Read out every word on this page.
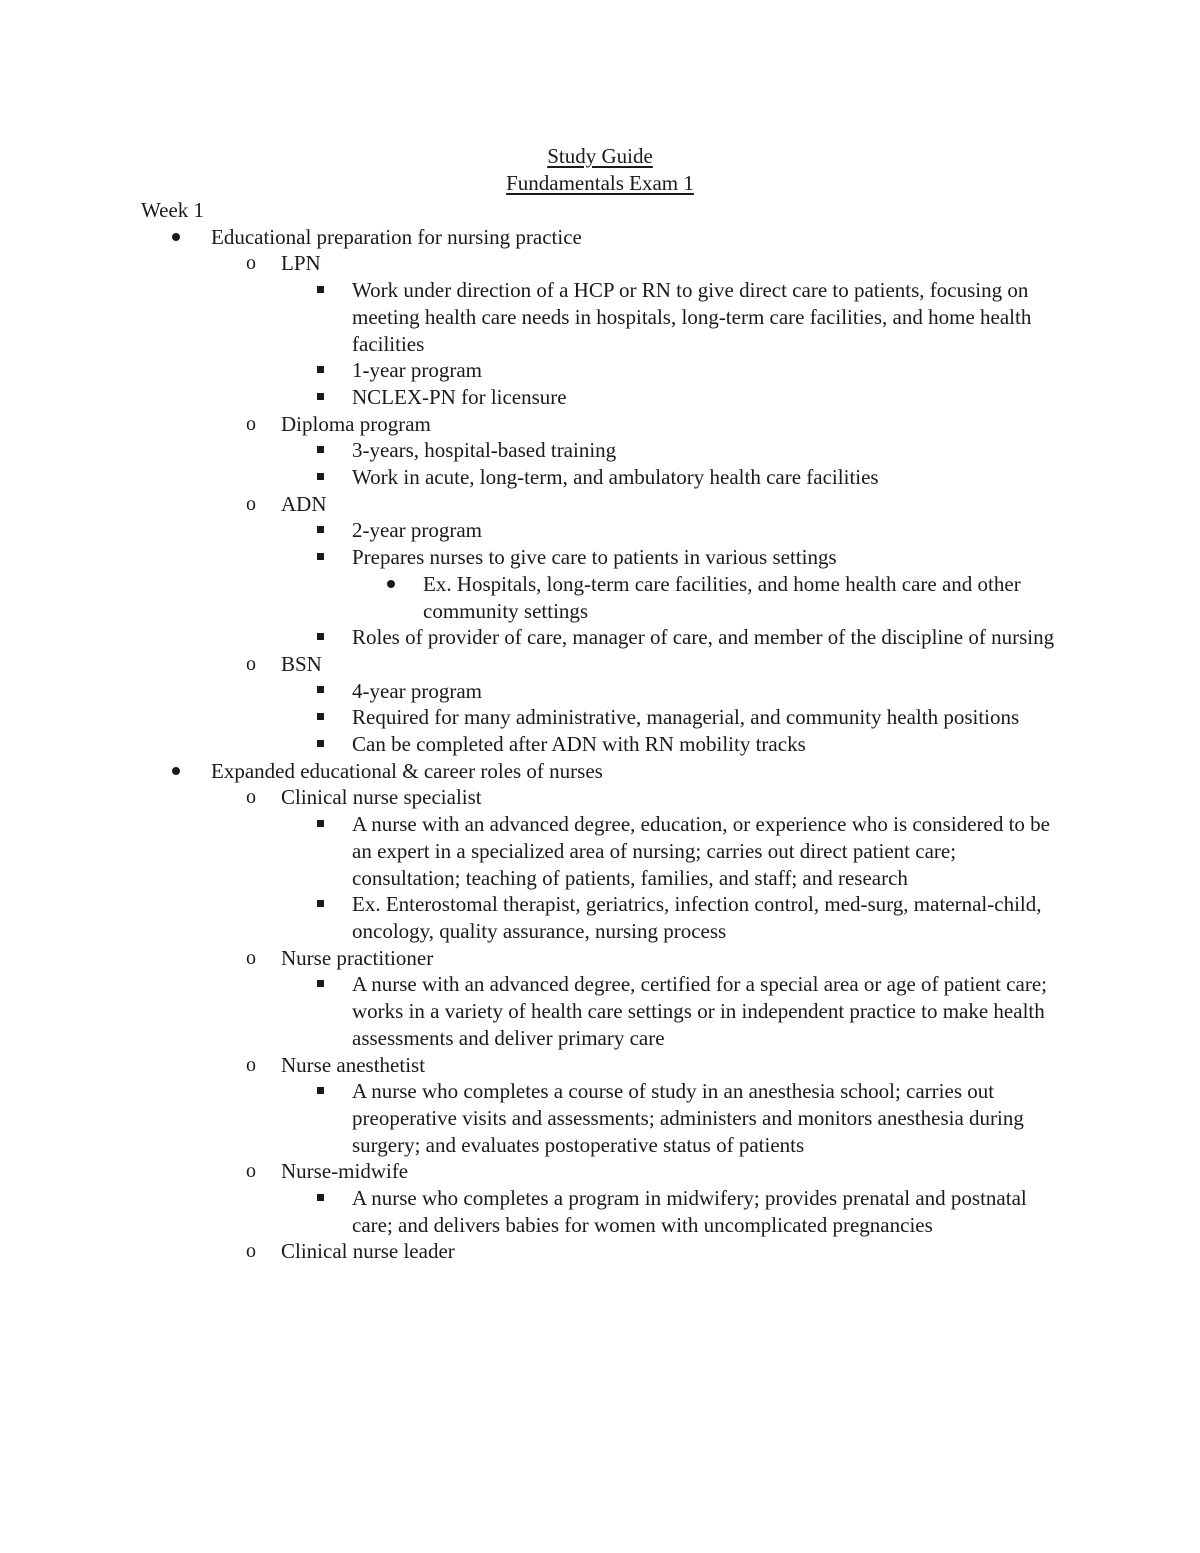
Study Guide
Fundamentals Exam 1
Week 1
Educational preparation for nursing practice
o LPN
Work under direction of a HCP or RN to give direct care to patients, focusing on meeting health care needs in hospitals, long-term care facilities, and home health facilities
1-year program
NCLEX-PN for licensure
o Diploma program
3-years, hospital-based training
Work in acute, long-term, and ambulatory health care facilities
o ADN
2-year program
Prepares nurses to give care to patients in various settings
Ex. Hospitals, long-term care facilities, and home health care and other community settings
Roles of provider of care, manager of care, and member of the discipline of nursing
o BSN
4-year program
Required for many administrative, managerial, and community health positions
Can be completed after ADN with RN mobility tracks
Expanded educational & career roles of nurses
o Clinical nurse specialist
A nurse with an advanced degree, education, or experience who is considered to be an expert in a specialized area of nursing; carries out direct patient care; consultation; teaching of patients, families, and staff; and research
Ex. Enterostomal therapist, geriatrics, infection control, med-surg, maternal-child, oncology, quality assurance, nursing process
o Nurse practitioner
A nurse with an advanced degree, certified for a special area or age of patient care; works in a variety of health care settings or in independent practice to make health assessments and deliver primary care
o Nurse anesthetist
A nurse who completes a course of study in an anesthesia school; carries out preoperative visits and assessments; administers and monitors anesthesia during surgery; and evaluates postoperative status of patients
o Nurse-midwife
A nurse who completes a program in midwifery; provides prenatal and postnatal care; and delivers babies for women with uncomplicated pregnancies
o Clinical nurse leader
